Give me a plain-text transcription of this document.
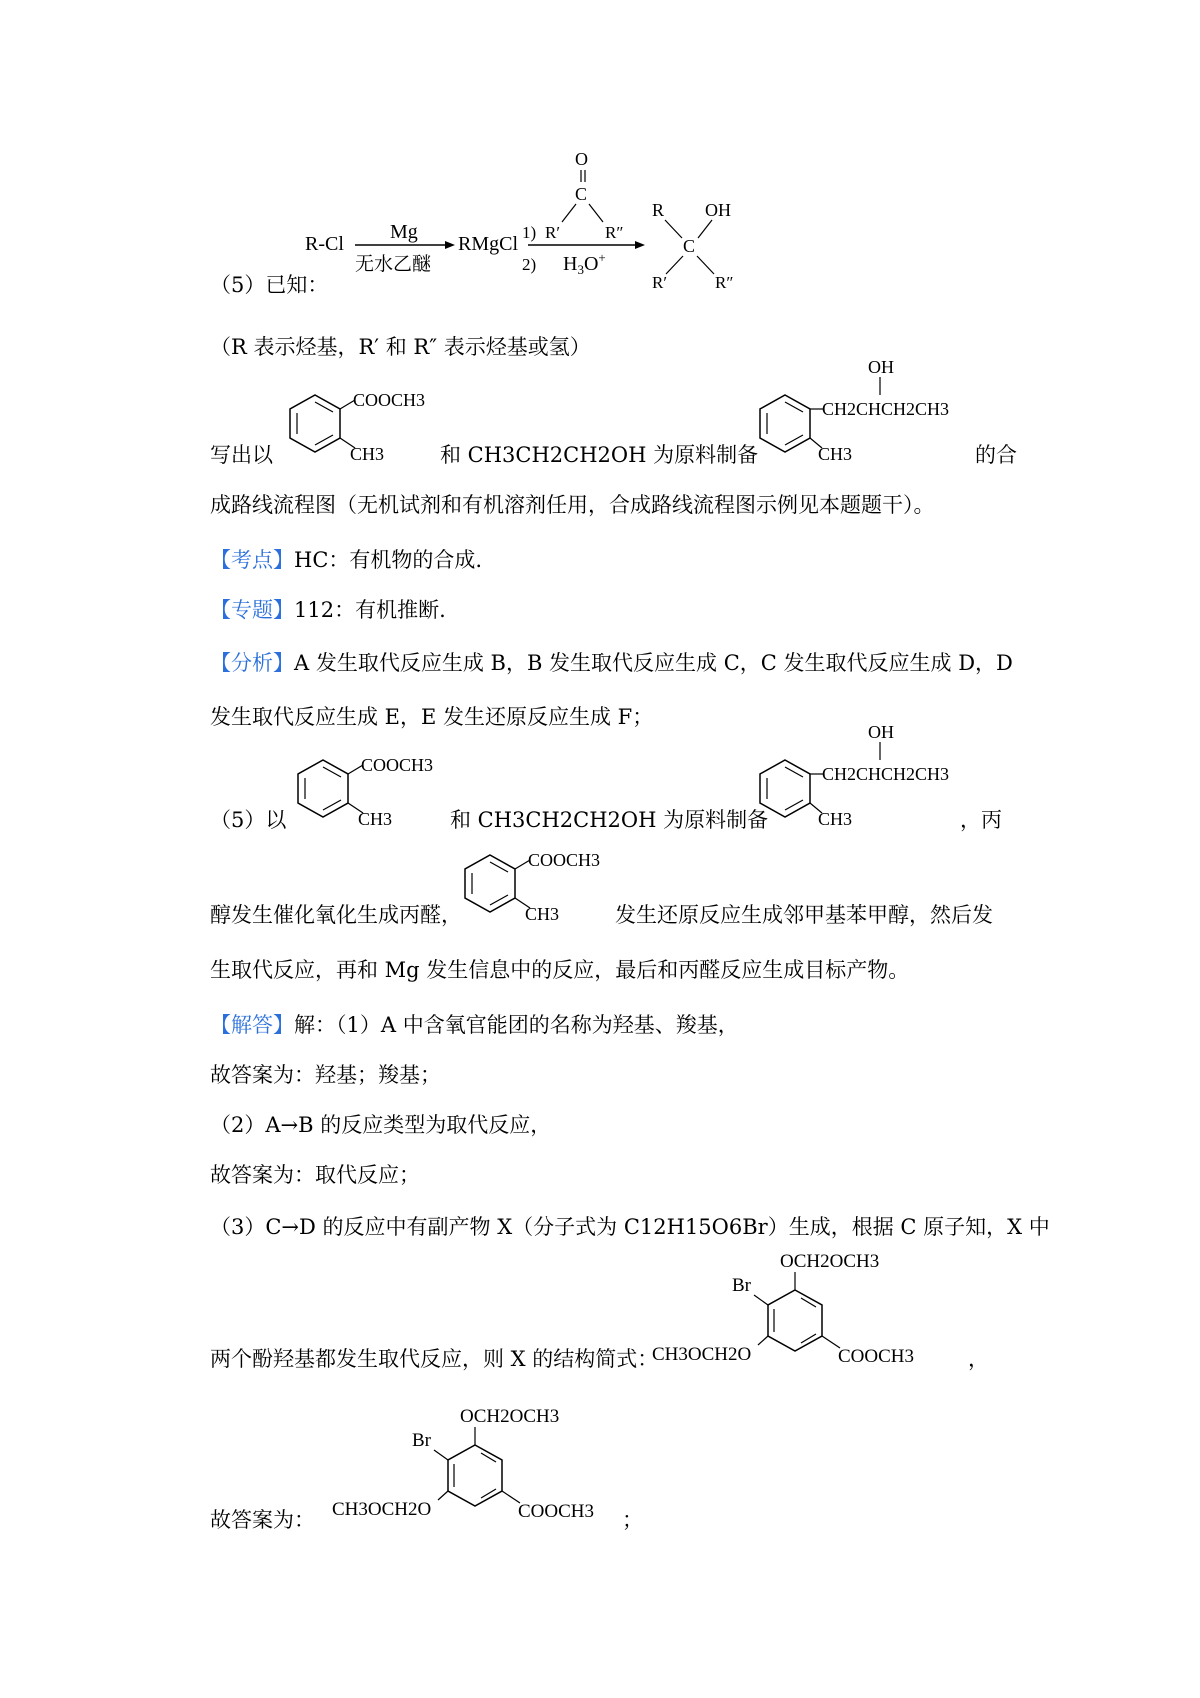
R-Cl
Mg
无水乙醚
RMgCl
1)
2)
O
C
R′	R″
$H_3O^+$
R OH
C
R′	R″
（5）已知：
（R 表示烃基，R′ 和 R″ 表示烃基或氢）
COOCH3
CH3
CH2CHCH2CH3
OH
CH3
写出以	和 CH3CH2CH2OH 为原料制备	的合
成路线流程图（无机试剂和有机溶剂任用，合成路线流程图示例见本题题干）。
【考点】HC：有机物的合成.
【专题】112：有机推断.
【分析】A 发生取代反应生成 B，B 发生取代反应生成 C，C 发生取代反应生成 D，D
发生取代反应生成 E，E 发生还原反应生成 F；
COOCH3
CH3
CH2CHCH2CH3
OH
CH3
（5）以	和 CH3CH2CH2OH 为原料制备	，丙
COOCH3
CH3
醇发生催化氧化生成丙醛，	发生还原反应生成邻甲基苯甲醇，然后发
生取代反应，再和 Mg 发生信息中的反应，最后和丙醛反应生成目标产物。
【解答】解：（1）A 中含氧官能团的名称为羟基、羧基，
故答案为：羟基；羧基；
（2）A→B 的反应类型为取代反应，
故答案为：取代反应；
（3）C→D 的反应中有副产物 X（分子式为 C12H15O6Br）生成，根据 C 原子知，X 中
OCH2OCH3
Br
CH3OCH2O	COOCH3
两个酚羟基都发生取代反应，则 X 的结构简式：	，
OCH2OCH3
Br
CH3OCH2O	COOCH3
故答案为：	；
